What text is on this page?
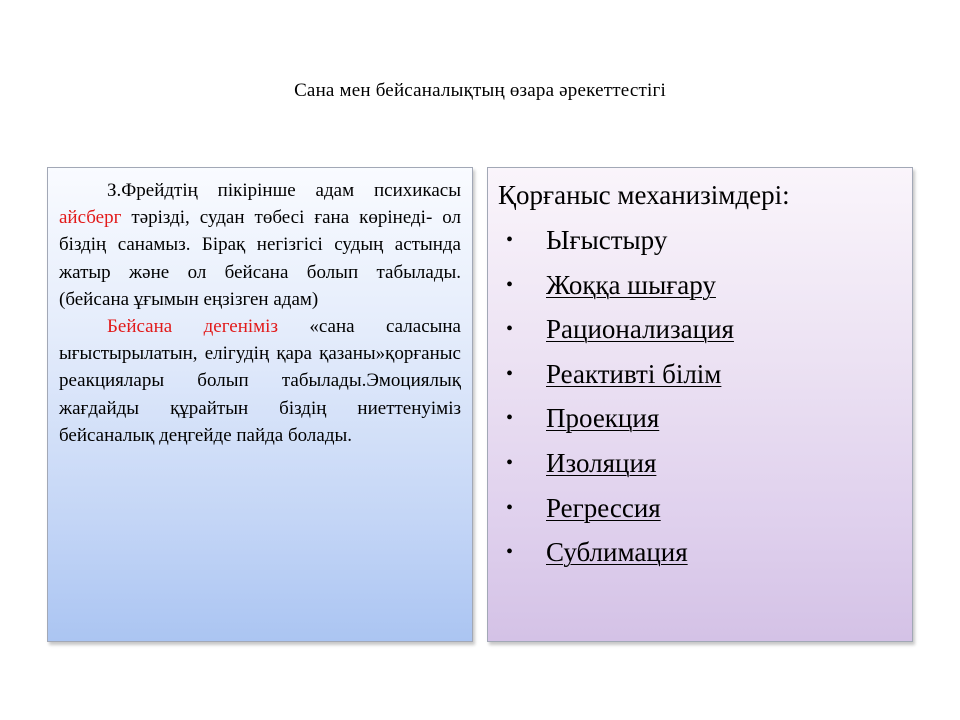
Сана мен бейсаналықтың өзара әрекеттестігі

З.Фрейдтің пікірінше адам психикасы айсберг тәрізді, судан төбесі ғана көрінеді- ол біздің санамыз. Бірақ негізгісі судың астында жатыр және ол бейсана болып табылады. (бейсана ұғымын еңзізген адам)

Бейсана дегеніміз «сана саласына ығыстырылатын, елігудің қара қазаны»қорғаныс реакциялары болып табылады.Эмоциялық жағдайды құрайтын біздің ниеттенуіміз бейсаналық деңгейде пайда болады.

Қорғаныс механизімдері:
• Ығыстыру
• Жоққа шығару
• Рационализация
• Реактивті білім
• Проекция
• Изоляция
• Регрессия
• Сублимация
